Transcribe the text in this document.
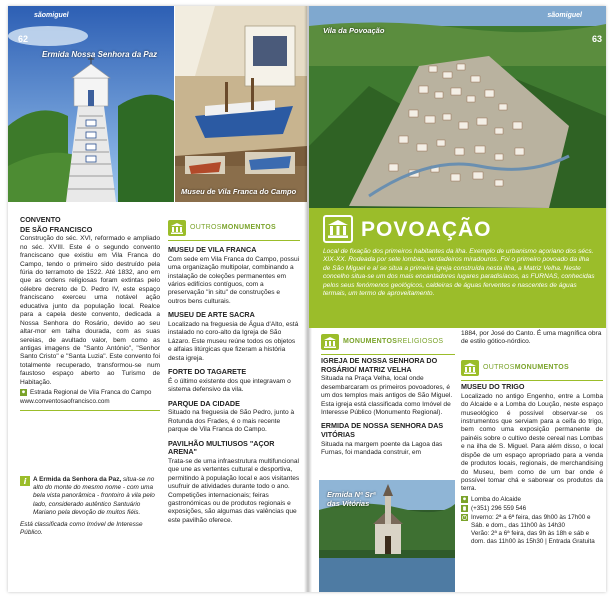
sãomiguel
62
Ermida Nossa Senhora da Paz
Museu de Vila Franca do Campo
CONVENTO
DE SÃO FRANCISCO

Construção do séc. XVI, reformado e ampliado no séc. XVIII. Este é o segundo convento franciscano que existiu em Vila Franca do Campo, tendo o primeiro sido destruído pela fúria do terramoto de 1522. Até 1832, ano em que as ordens religiosas foram extintas pelo célebre decreto de D. Pedro IV, este espaço franciscano exerceu uma notável ação educativa junto da população local. Realce para a capela deste convento, dedicada a Nossa Senhora do Rosário, devido ao seu altar-mor em talha dourada, com as suas sereias, de avultado valor, bem como as antigas imagens de "Santo António", "Senhor Santo Cristo" e "Santa Luzia". Este convento foi totalmente recuperado, transformou-se num faustoso espaço aberto ao Turismo de Habitação.

Estrada Regional de Vila Franca do Campo
www.conventosaofrancisco.com
i A Ermida da Senhora da Paz, situa-se no alto do monte do mesmo nome - com uma bela vista panorâmica - frontoiro à vila pelo lado, considerado autêntico Santuário Mariano pela devoção de muitos fiéis.

Está classificada como Imóvel de Interesse Público.

OUTROSMONUMENTOS
MUSEU DE VILA FRANCA

Com sede em Vila Franca do Campo, possui uma organização multipolar, combinando a instalação de coleções permanentes em vários edifícios contíguos, com a preservação "in situ" de construções e outros bens culturais.

MUSEU DE ARTE SACRA

Localizado na freguesia de Água d'Alto, está instalado no coro-alto da Igreja de São Lázaro. Este museu reúne todos os objetos e alfaias litúrgicas que fizeram a história desta igreja.

FORTE DO TAGARETE

É o último existente dos que integravam o sistema defensivo da vila.

PARQUE DA CIDADE

Situado na freguesia de São Pedro, junto à Rotunda dos Frades, é o mais recente parque de Vila Franca do Campo.

PAVILHÃO MULTIUSOS "AÇOR ARENA"

Trata-se de uma infraestrutura multifuncional que une as vertentes cultural e desportiva, permitindo à população local e aos visitantes usufruir de atividades durante todo o ano. Competições internacionais; feiras gastronómicas ou de produtos regionais e exposições, são algumas das valências que este pavilhão oferece.

sãomiguel
63
Vila da Povoação
POVOAÇÃO
Local de fixação dos primeiros habitantes da ilha. Exemplo de urbanismo açoriano dos sécs. XIX-XX. Rodeada por sete lombas, verdadeiros miradouros. Foi o primeiro povoado da ilha de São Miguel e aí se situa a primeira igreja construída nesta ilha, a Matriz Velha. Neste concelho situa-se um dos mais encantadores lugares paradisíacos, as FURNAS, conhecidas pelos seus fenómenos geológicos, caldeiras de águas ferventes e nascentes de águas termais, um termo de aproveitamento.
MONUMENTOSRELIGIOSOS
IGREJA DE NOSSA SENHORA DO ROSÁRIO/ MATRIZ VELHA

Situada na Praça Velha, local onde desembarcaram os primeiros povoadores, é um dos templos mais antigos de São Miguel. Esta igreja está classificada como Imóvel de Interesse Público (Monumento Regional).

ERMIDA DE NOSSA SENHORA DAS VITÓRIAS

Situada na margem poente da Lagoa das Furnas, foi mandada construir, em

Ermida Nª Srª
das Vitórias
1884, por José do Canto. É uma magnífica obra de estilo gótico-nórdico.
OUTROSMONUMENTOS
MUSEU DO TRIGO

Localizado no antigo Engenho, entre a Lomba do Alcaide e a Lomba do Loução, neste espaço museológico é possível observar-se os instrumentos que serviam para a ceifa do trigo, bem como uma exposição permanente de painéis sobre o cultivo deste cereal nas Lombas e na ilha de S. Miguel. Para além disso, o local dispõe de um espaço apropriado para a venda de produtos locais, regionais, de merchandising do Museu, bem como de um bar onde é possível tomar chá e saborear os produtos da terra.

Lomba do Alcaide
(+351) 296 559 546
Inverno: 2ª a 6ª feira, das 9h00 às 17h00 e Sáb. e dom., das 11h00 às 14h30
Verão: 2ª a 6ª feira, das 9h às 18h e sáb e dom. das 11h00 às 15h30 | Entrada Gratuita
